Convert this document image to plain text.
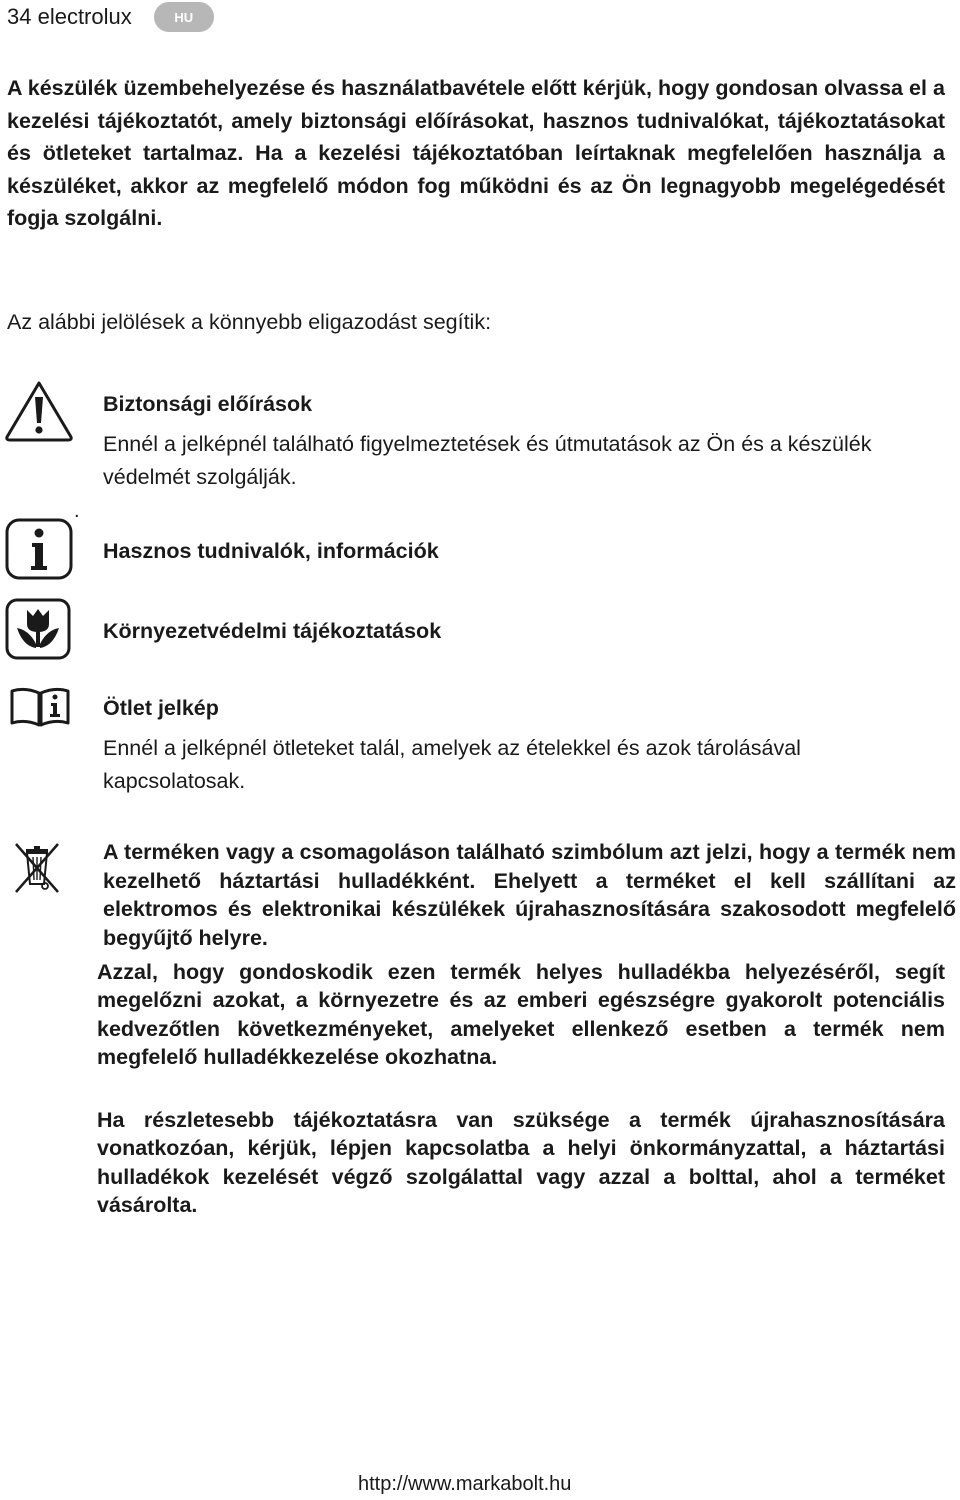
34 electrolux	HU

A készülék üzembehelyezése és használatbavétele előtt kérjük, hogy gondosan olvassa el a kezelési tájékoztatót, amely biztonsági előírásokat, hasznos tudnivalókat, tájékoztatásokat és ötleteket tartalmaz. Ha a kezelési tájékoztatóban leírtaknak megfelelően használja a készüléket, akkor az megfelelő módon fog működni és az Ön legnagyobb megelégedését fogja szolgálni.

Az alábbi jelölések a könnyebb eligazodást segítik:

Biztonsági előírások

Ennél a jelképnél található figyelmeztetések és útmutatások az Ön és a készülék védelmét szolgálják.

.

Hasznos tudnivalók, információk

Környezetvédelmi tájékoztatások

Ötlet jelkép

Ennél a jelképnél ötleteket talál, amelyek az ételekkel és azok tárolásával kapcsolatosak.

A terméken vagy a csomagoláson található szimbólum azt jelzi, hogy a termék nem kezelhető háztartási hulladékként. Ehelyett a terméket el kell szállítani az elektromos és elektronikai készülékek újrahasznosítására szakosodott megfelelő begyűjtő helyre.

Azzal, hogy gondoskodik ezen termék helyes hulladékba helyezéséről, segít megelőzni azokat, a környezetre és az emberi egészségre gyakorolt potenciális kedvezőtlen következményeket, amelyeket ellenkező esetben a termék nem megfelelő hulladékkezelése okozhatna.

Ha részletesebb tájékoztatásra van szüksége a termék újrahasznosítására vonatkozóan, kérjük, lépjen kapcsolatba a helyi önkormányzattal, a háztartási hulladékok kezelését végző szolgálattal vagy azzal a bolttal, ahol a terméket vásárolta.

http://www.markabolt.hu
